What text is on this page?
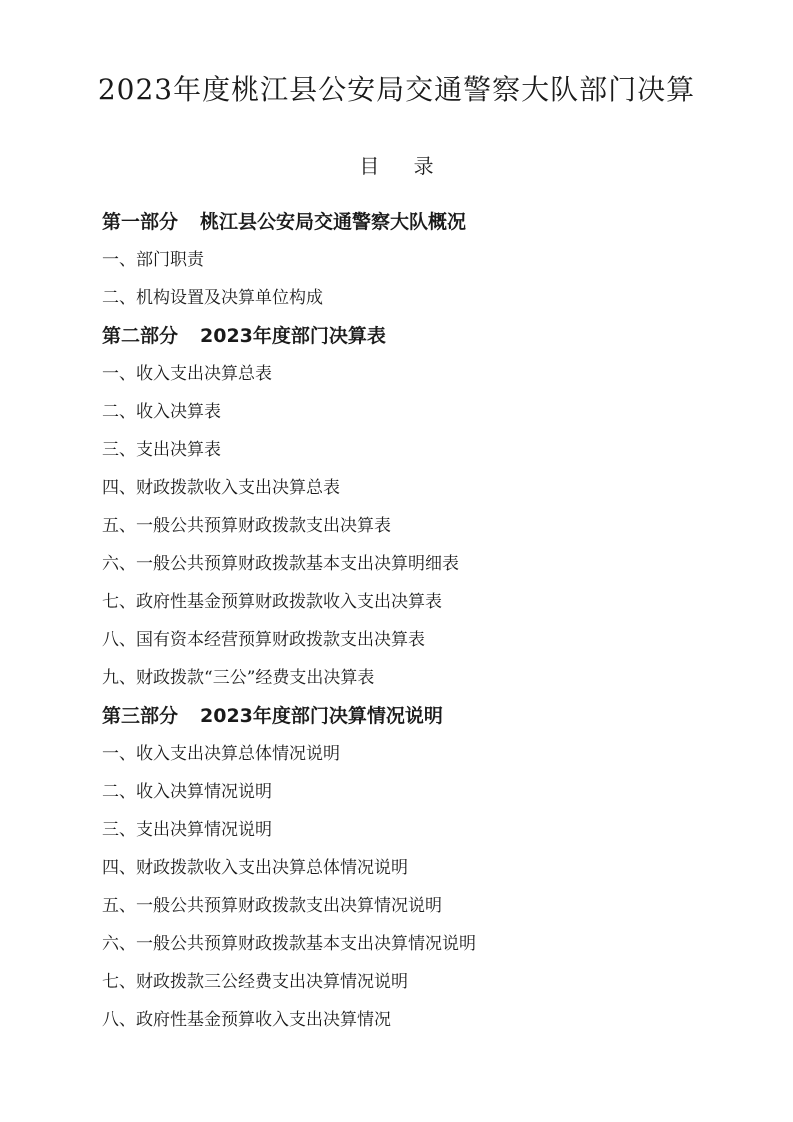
2023年度桃江县公安局交通警察大队部门决算
目 录
第一部分 桃江县公安局交通警察大队概况
一、部门职责
二、机构设置及决算单位构成
第二部分 2023年度部门决算表
一、收入支出决算总表
二、收入决算表
三、支出决算表
四、财政拨款收入支出决算总表
五、一般公共预算财政拨款支出决算表
六、一般公共预算财政拨款基本支出决算明细表
七、政府性基金预算财政拨款收入支出决算表
八、国有资本经营预算财政拨款支出决算表
九、财政拨款“三公”经费支出决算表
第三部分 2023年度部门决算情况说明
一、收入支出决算总体情况说明
二、收入决算情况说明
三、支出决算情况说明
四、财政拨款收入支出决算总体情况说明
五、一般公共预算财政拨款支出决算情况说明
六、一般公共预算财政拨款基本支出决算情况说明
七、财政拨款三公经费支出决算情况说明
八、政府性基金预算收入支出决算情况
